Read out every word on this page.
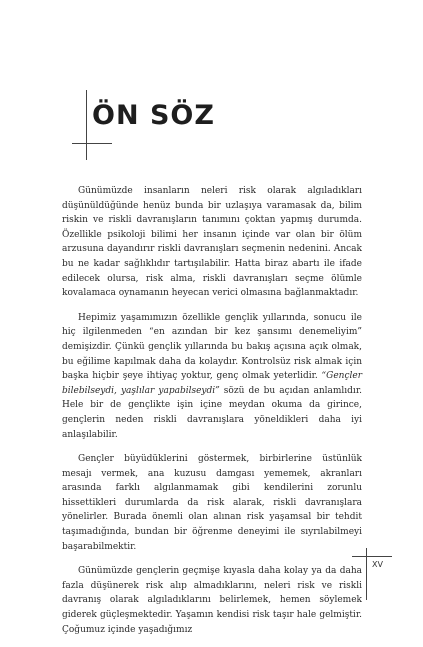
ÖN SÖZ

Günümüzde insanların neleri risk olarak algıladıkları düşünüldüğünde henüz bunda bir uzlaşıya varamasak da, bilim riskin ve riskli davranışların tanımını çoktan yapmış durumda. Özellikle psikoloji bilimi her insanın içinde var olan bir ölüm arzusuna dayandırır riskli davranışları seçmenin nedenini. Ancak bu ne kadar sağlıklıdır tartışılabilir. Hatta biraz abartı ile ifade edilecek olursa, risk alma, riskli davranışları seçme ölümle kovalamaca oynamanın heyecan verici olmasına bağlanmaktadır.

Hepimiz yaşamımızın özellikle gençlik yıllarında, sonucu ile hiç ilgilenmeden “en azından bir kez şansımı denemeliyim” demişizdir. Çünkü gençlik yıllarında bu bakış açısına açık olmak, bu eğilime kapılmak daha da kolaydır. Kontrolsüz risk almak için başka hiçbir şeye ihtiyaç yoktur, genç olmak yeterlidir. “Gençler bilebilseydi, yaşlılar yapabilseydi” sözü de bu açıdan anlamlıdır. Hele bir de gençlikte işin içine meydan okuma da girince, gençlerin neden riskli davranışlara yöneldikleri daha iyi anlaşılabilir.

Gençler büyüdüklerini göstermek, birbirlerine üstünlük mesajı vermek, ana kuzusu damgası yememek, akranları arasında farklı algılanmamak gibi kendilerini zorunlu hissettikleri durumlarda da risk alarak, riskli davranışlara yönelirler. Burada önemli olan alınan risk yaşamsal bir tehdit taşımadığında, bundan bir öğrenme deneyimi ile sıyrılabilmeyi başarabilmektir.

Günümüzde gençlerin geçmişe kıyasla daha kolay ya da daha fazla düşünerek risk alıp almadıklarını, neleri risk ve riskli davranış olarak algıladıklarını belirlemek, hemen söylemek giderek güçleşmektedir. Yaşamın kendisi risk taşır hale gelmiştir. Çoğumuz içinde yaşadığımız

XV
